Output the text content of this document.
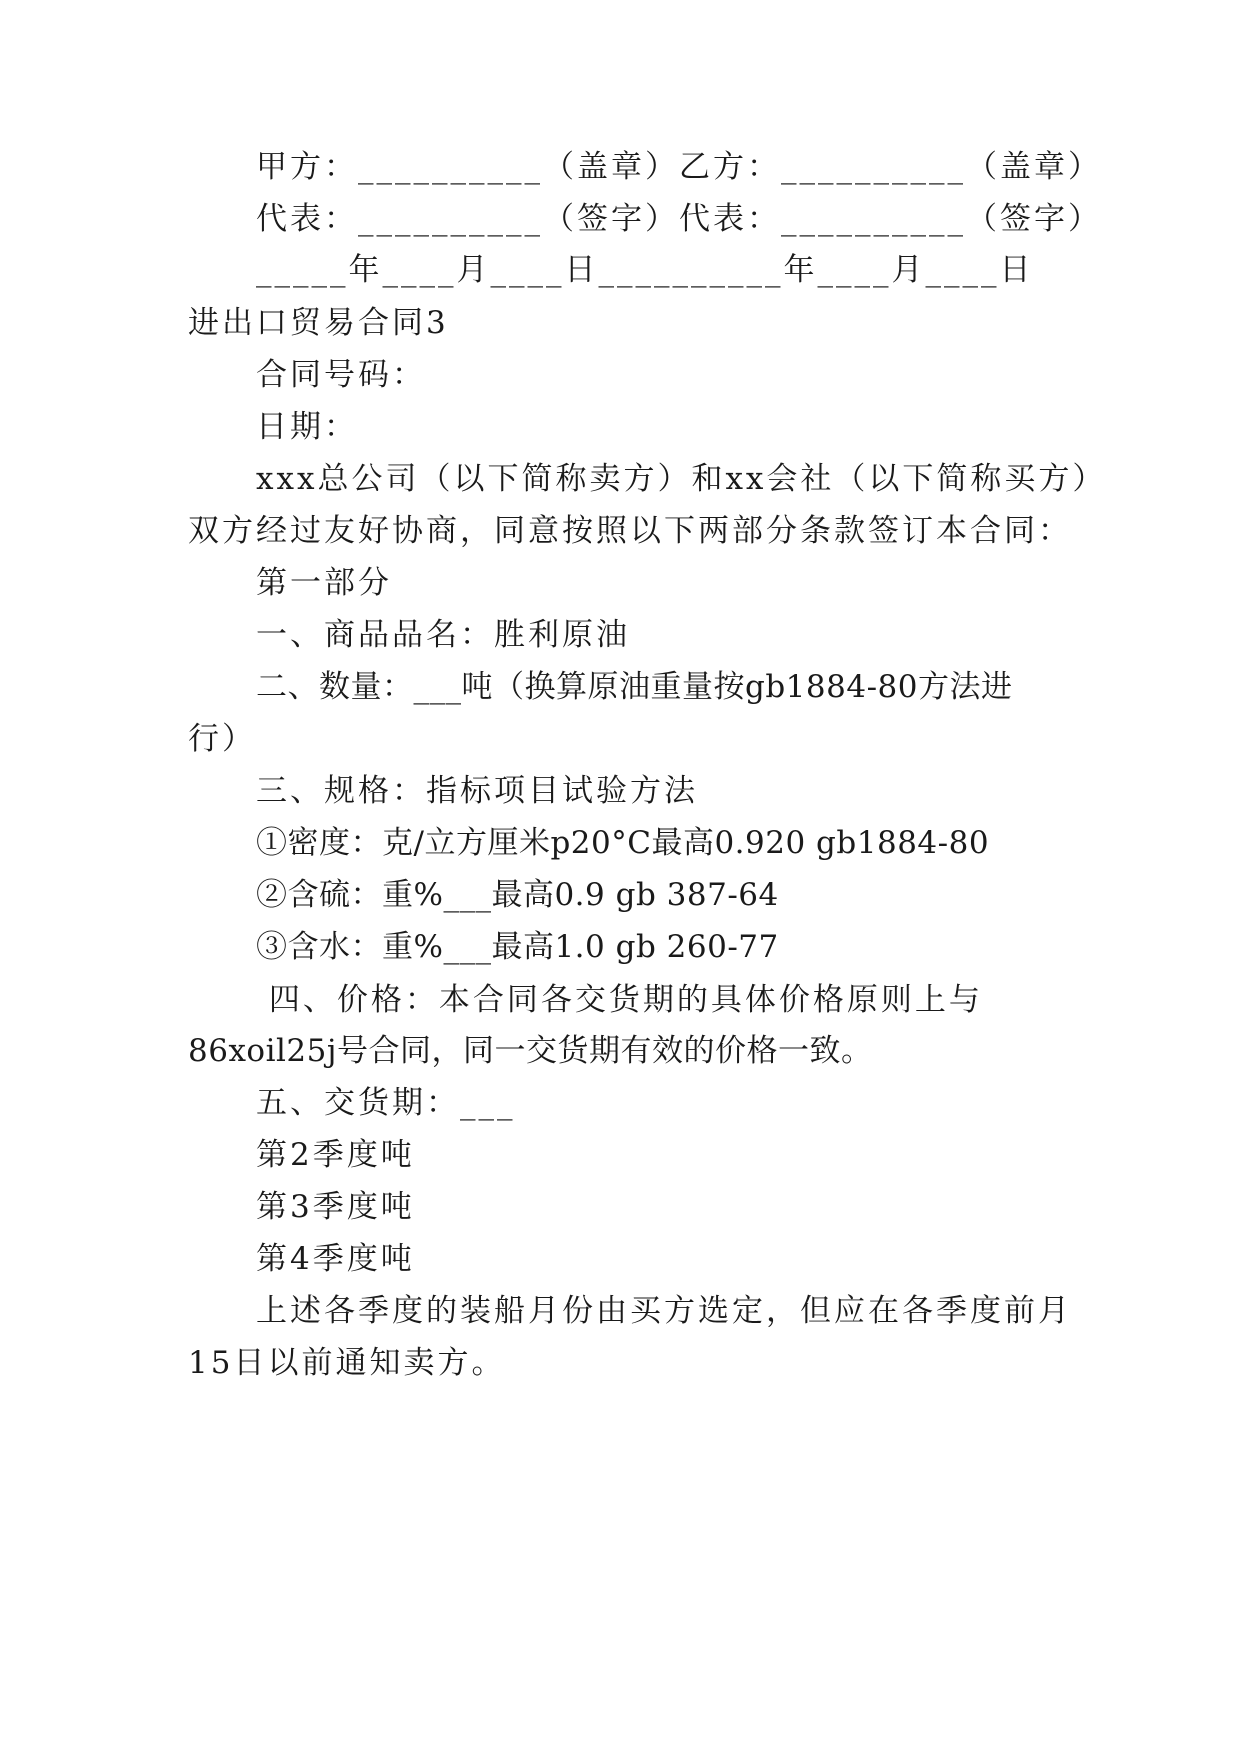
甲方：__________（盖章）乙方：__________（盖章）
代表：__________（签字）代表：__________（签字）
_____年____月____日__________年____月____日
进出口贸易合同3
合同号码：
日期：
xxx总公司（以下简称卖方）和xx会社（以下简称买方）
双方经过友好协商，同意按照以下两部分条款签订本合同：
第一部分
一、商品品名：胜利原油
二、数量：___吨（换算原油重量按gb1884-80方法进
行）
三、规格：指标项目试验方法
①密度：克/立方厘米p20°C最高0.920 gb1884-80
②含硫：重%___最高0.9 gb 387-64
③含水：重%___最高1.0 gb 260-77
四、价格：本合同各交货期的具体价格原则上与
86xoil25j号合同，同一交货期有效的价格一致。
五、交货期：___
第2季度吨
第3季度吨
第4季度吨
上述各季度的装船月份由买方选定，但应在各季度前月
15日以前通知卖方。
